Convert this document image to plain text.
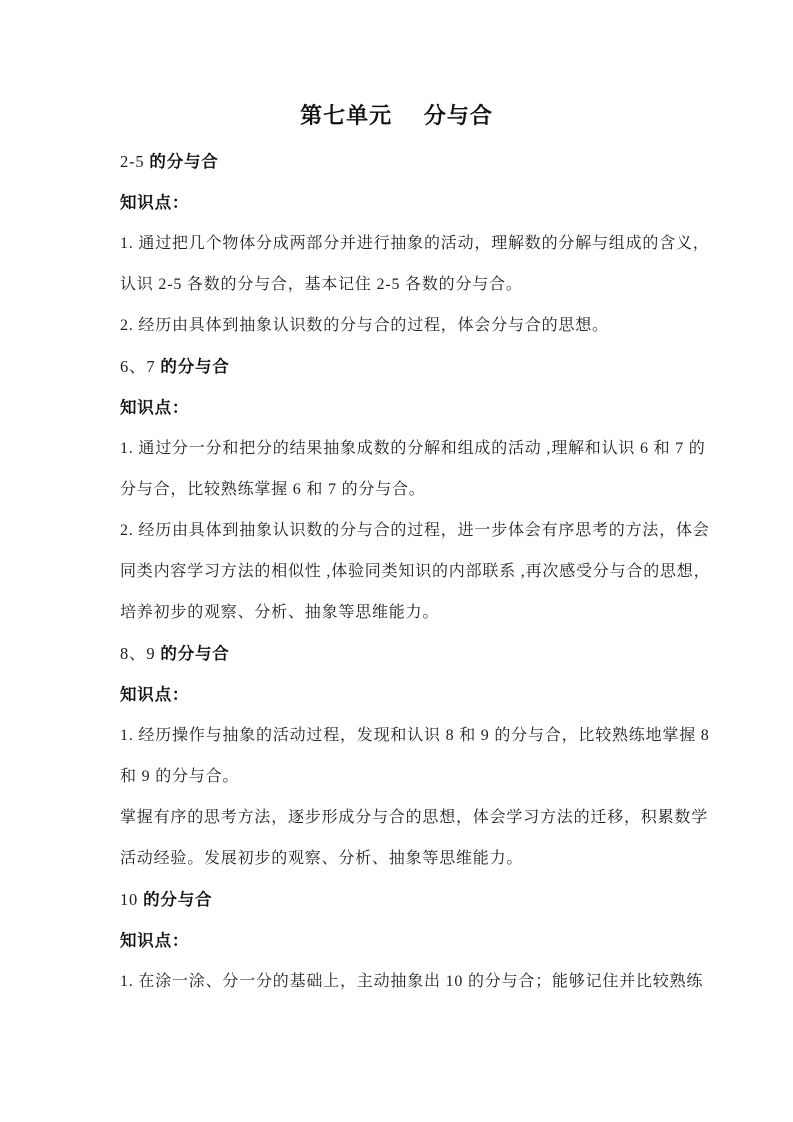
第七单元　 分与合
2-5 的分与合
知识点：
1. 通过把几个物体分成两部分并进行抽象的活动，理解数的分解与组成的含义，
认识 2-5 各数的分与合，基本记住 2-5 各数的分与合。
2. 经历由具体到抽象认识数的分与合的过程，体会分与合的思想。
6、7 的分与合
知识点：
1. 通过分一分和把分的结果抽象成数的分解和组成的活动 ,理解和认识 6 和 7 的
分与合，比较熟练掌握 6 和 7 的分与合。
2. 经历由具体到抽象认识数的分与合的过程，进一步体会有序思考的方法，体会
同类内容学习方法的相似性 ,体验同类知识的内部联系 ,再次感受分与合的思想，
培养初步的观察、分析、抽象等思维能力。
8、9 的分与合
知识点：
1. 经历操作与抽象的活动过程，发现和认识 8 和 9 的分与合，比较熟练地掌握 8
和 9 的分与合。
掌握有序的思考方法，逐步形成分与合的思想，体会学习方法的迁移，积累数学
活动经验。发展初步的观察、分析、抽象等思维能力。
10 的分与合
知识点：
1. 在涂一涂、分一分的基础上，主动抽象出 10 的分与合；能够记住并比较熟练
